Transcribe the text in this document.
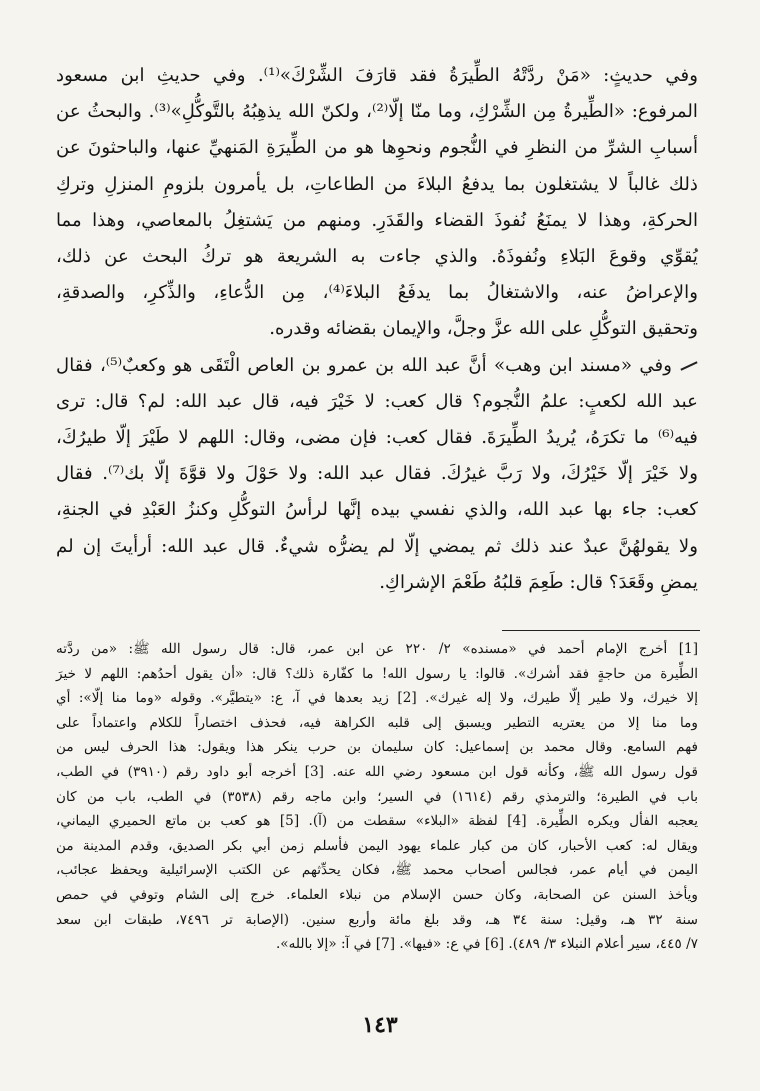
وفي حديثٍ: «مَنْ ردَّتْهُ الطِّيرَةُ فقد قارَفَ الشِّرْكَ»⁽¹⁾. وفي حديثِ ابن مسعود

المرفوع: «الطِّيرةُ مِن الشِّرْكِ، وما منّا إلّا⁽²⁾، ولكنّ الله يذهِبُهُ بالتَّوكُّلِ»⁽³⁾. والبحثُ عن

أسبابِ الشرِّ من النظرِ في النُّجوم ونحوِها هو من الطِّيرَةِ المَنهيِّ عنها، والباحثونَ عن

ذلك غالباً لا يشتغلون بما يدفعُ البلاءَ من الطاعاتِ، بل يأمرون بلزومِ المنزلِ وتركِ

الحركةِ، وهذا لا يمنَعُ نُفوذَ القضاء والقَدَرِ. ومنهم من يَشتغِلُ بالمعاصي، وهذا مما

يُقوِّي وقوعَ البَلاءِ ونُفوذَهُ. والذي جاءت به الشريعة هو تركُ البحث عن ذلك،

والإعراضُ عنه، والاشتغالُ بما يدفَعُ البلاءَ⁽⁴⁾، مِن الدُّعاءِ، والذِّكرِ، والصدقةِ،

وتحقيق التوكُّلِ على الله عزَّ وجلَّ، والإيمان بقضائه وقدره.

وفي «مسند ابن وهب» أنَّ عبد الله بن عمرو بن العاص الْتَقَى هو وكعبٌ⁽⁵⁾، فقال

عبد الله لكعبٍ: علمُ النُّجوم؟ قال كعب: لا خَيْرَ فيه، قال عبد الله: لم؟ قال: ترى

فيه⁽⁶⁾ ما تكرَهُ، يُريدُ الطِّيرَةَ. فقال كعب: فإن مضى، وقال: اللهم لا طَيْرَ إلّا طيرُكَ،

ولا خَيْرَ إلّا خَيْرُكَ، ولا رَبَّ غيرُكَ. فقال عبد الله: ولا حَوْلَ ولا قوَّةَ إلّا بك⁽⁷⁾. فقال

كعب: جاء بها عبد الله، والذي نفسي بيده إنَّها لرأسُ التوكُّلِ وكنزُ العَبْدِ في الجنةِ،

ولا يقولهُنَّ عبدٌ عند ذلك ثم يمضي إلّا لم يضرُّه شيءٌ. قال عبد الله: أرأيتَ إن لم

يمضِ وقَعَدَ؟ قال: طَعِمَ قلبُهُ طَعْمَ الإشراكِ.

[1] أخرج الإمام أحمد في «مسنده» ٢/ ٢٢٠ عن ابن عمر، قال: قال رسول الله ﷺ: «من ردَّته

الطِّيرة من حاجةٍ فقد أشرك». قالوا: يا رسول الله! ما كفّارة ذلك؟ قال: «أن يقول أحدُهم: اللهم لا خيرَ

إلا خيرك، ولا طير إلّا طيرك، ولا إله غيرك». [2] زيد بعدها في آ، ع: «يتطيَّر». وقوله «وما منا إلّا»: أي

وما منا إلا من يعتريه التطير ويسبق إلى قلبه الكراهة فيه، فحذف اختصاراً للكلام واعتماداً على

فهم السامع. وقال محمد بن إسماعيل: كان سليمان بن حرب ينكر هذا ويقول: هذا الحرف ليس من

قول رسول الله ﷺ، وكأنه قول ابن مسعود رضي الله عنه. [3] أخرجه أبو داود رقم (٣٩١٠) في الطب،

باب في الطيرة؛ والترمذي رقم (١٦١٤) في السير؛ وابن ماجه رقم (٣٥٣٨) في الطب، باب من كان

يعجبه الفأل ويكره الطِّيرة. [4] لفظة «البلاء» سقطت من (آ). [5] هو كعب بن ماتع الحميري اليماني،

ويقال له: كعب الأحبار، كان من كبار علماء يهود اليمن فأسلم زمن أبي بكر الصديق، وقدم المدينة من

اليمن في أيام عمر، فجالس أصحاب محمد ﷺ، فكان يحدِّثهم عن الكتب الإسرائيلية ويحفظ عجائب،

ويأخذ السنن عن الصحابة، وكان حسن الإسلام من نبلاء العلماء. خرج إلى الشام وتوفي في حمص

سنة ٣٢ هـ، وقيل: سنة ٣٤ هـ، وقد بلغ مائة وأربع سنين. (الإصابة تر ٧٤٩٦، طبقات ابن سعد

٧/ ٤٤٥، سير أعلام النبلاء ٣/ ٤٨٩). [6] في ع: «فيها». [7] في آ: «إلا بالله».

١٤٣
